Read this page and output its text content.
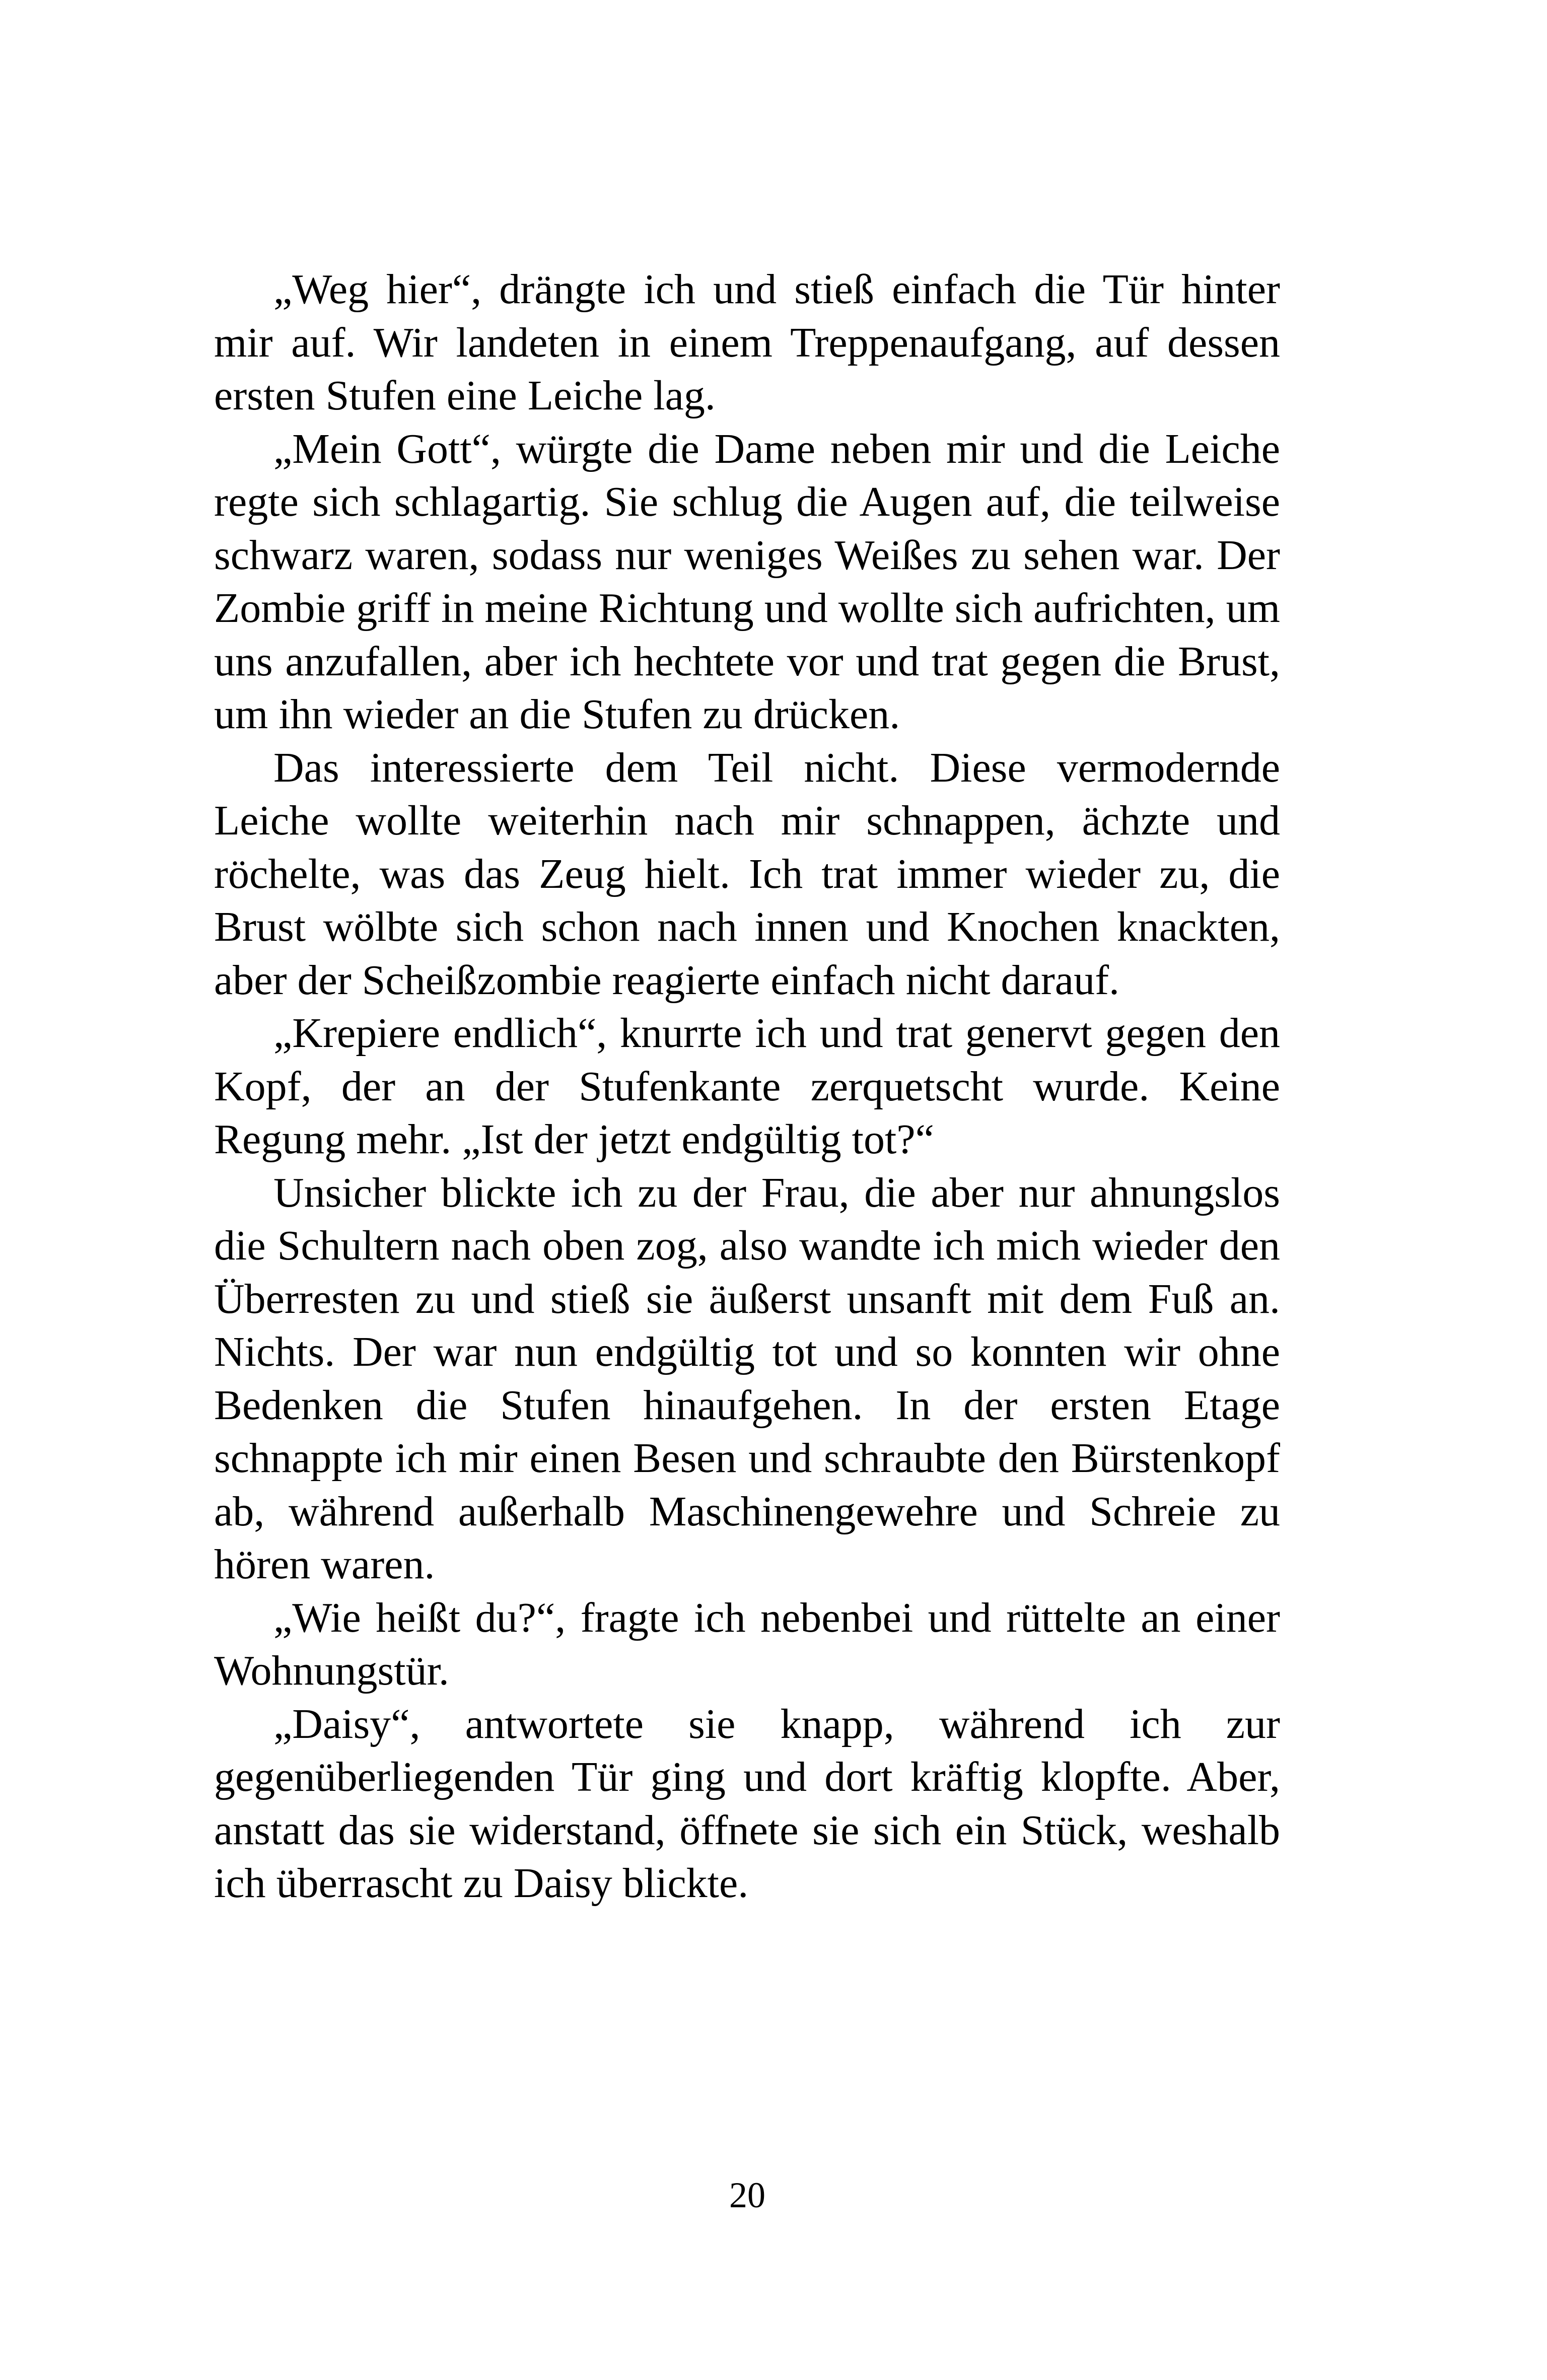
„Weg hier“, drängte ich und stieß einfach die Tür hinter mir auf. Wir landeten in einem Treppenaufgang, auf dessen ersten Stufen eine Leiche lag.

„Mein Gott“, würgte die Dame neben mir und die Leiche regte sich schlagartig. Sie schlug die Augen auf, die teilweise schwarz waren, sodass nur weniges Weißes zu sehen war. Der Zombie griff in meine Richtung und wollte sich aufrichten, um uns anzufallen, aber ich hechtete vor und trat gegen die Brust, um ihn wieder an die Stufen zu drücken.

Das interessierte dem Teil nicht. Diese vermodernde Leiche wollte weiterhin nach mir schnappen, ächzte und röchelte, was das Zeug hielt. Ich trat immer wieder zu, die Brust wölbte sich schon nach innen und Knochen knackten, aber der Scheißzombie reagierte einfach nicht darauf.

„Krepiere endlich“, knurrte ich und trat genervt gegen den Kopf, der an der Stufenkante zerquetscht wurde. Keine Regung mehr. „Ist der jetzt endgültig tot?“

Unsicher blickte ich zu der Frau, die aber nur ahnungslos die Schultern nach oben zog, also wandte ich mich wieder den Überresten zu und stieß sie äußerst unsanft mit dem Fuß an. Nichts. Der war nun endgültig tot und so konnten wir ohne Bedenken die Stufen hinaufgehen. In der ersten Etage schnappte ich mir einen Besen und schraubte den Bürstenkopf ab, während außerhalb Maschinengewehre und Schreie zu hören waren.

„Wie heißt du?“, fragte ich nebenbei und rüttelte an einer Wohnungstür.

„Daisy“, antwortete sie knapp, während ich zur gegenüberliegenden Tür ging und dort kräftig klopfte. Aber, anstatt das sie widerstand, öffnete sie sich ein Stück, weshalb ich überrascht zu Daisy blickte.

20
